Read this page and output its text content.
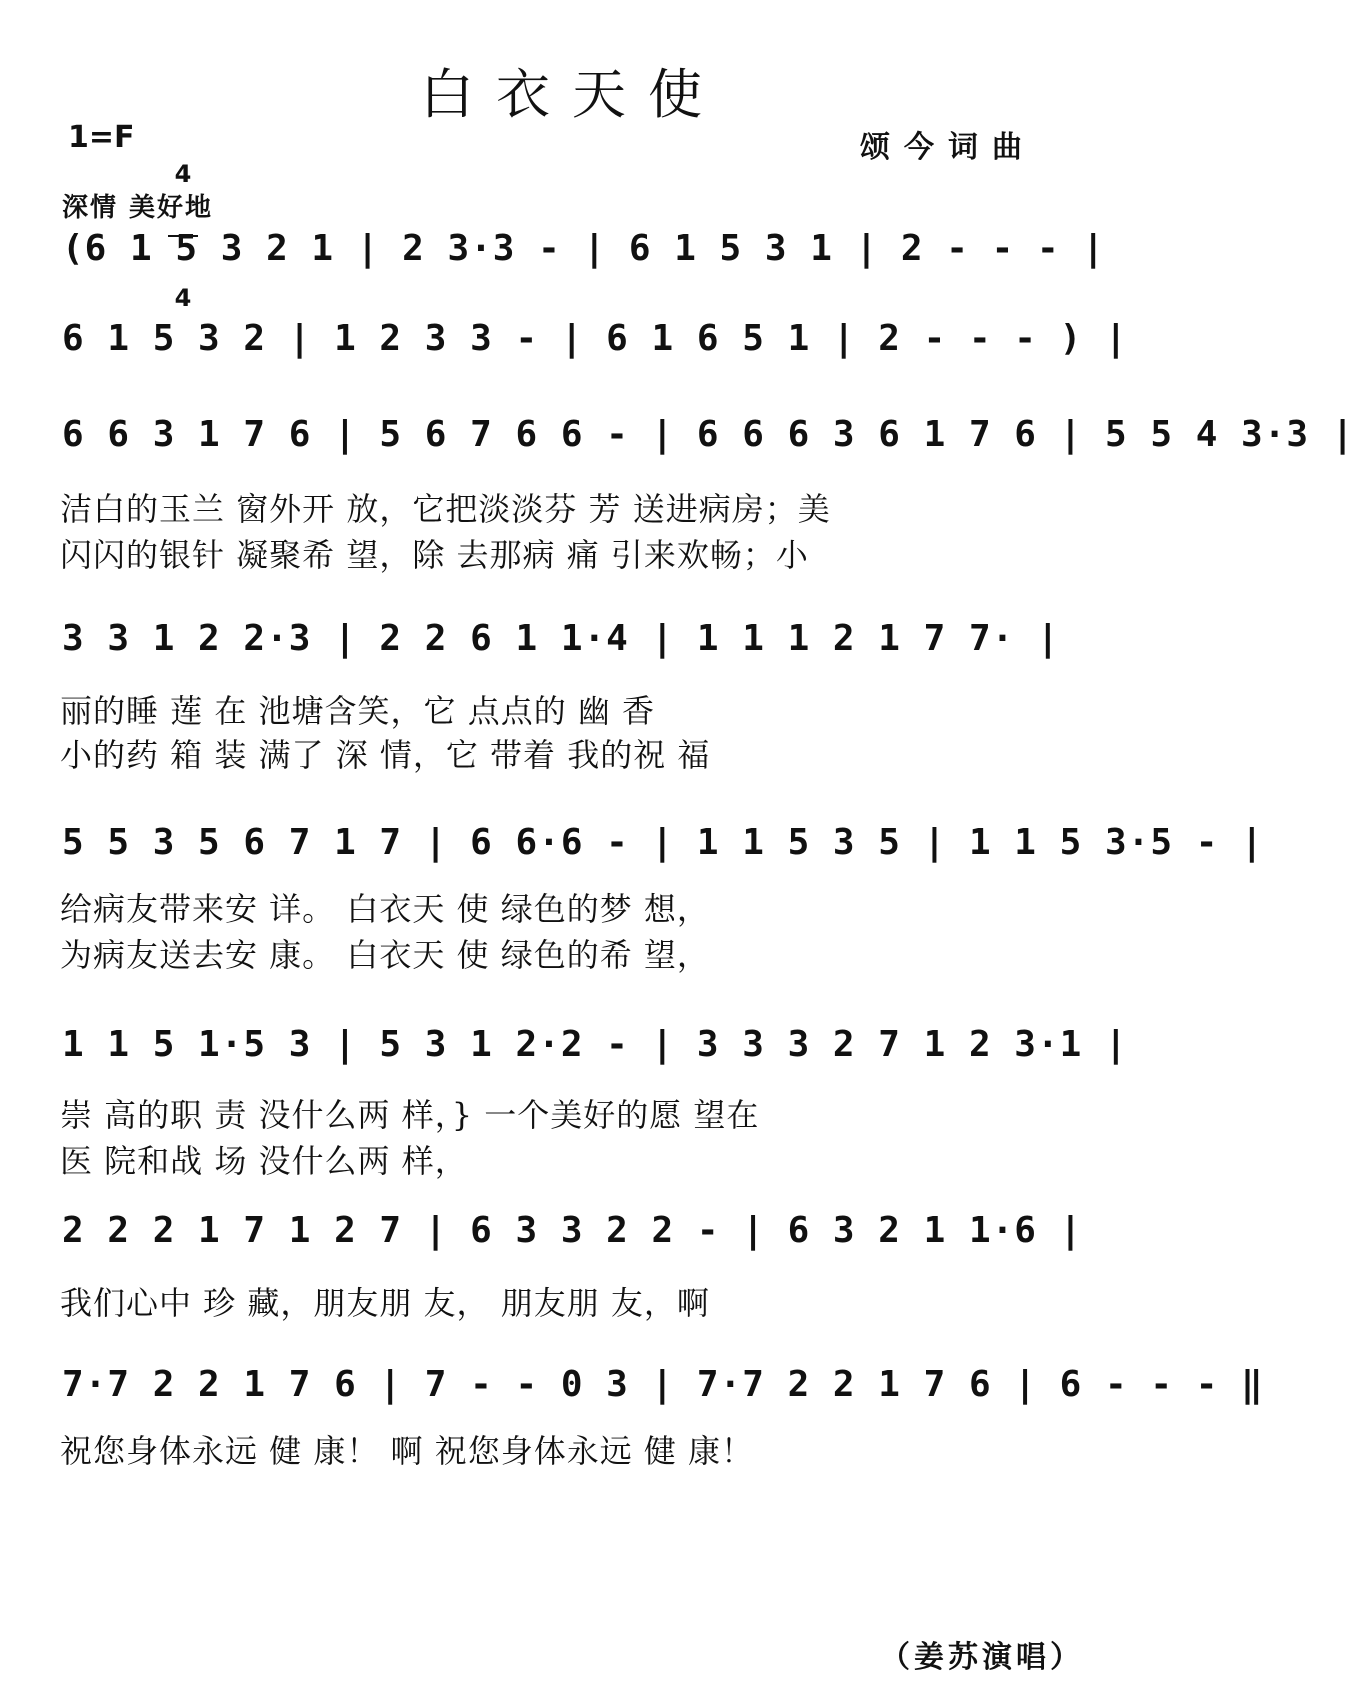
白衣天使
1=F

4

4

颂今词曲
深情 美好地
(6 1 5 3 2 1 | 2 3·3 - | 6 1 5 3 1 | 2 - - - |
6 1 5 3 2 | 1 2 3 3 - | 6 1 6 5 1 | 2 - - - ) |
6 6 3 1 7 6 | 5 6 7 6 6 - | 6 6 6 3 6 1 7 6 | 5 5 4 3·3 |
洁白的玉兰 窗外开 放，它把淡淡芬 芳 送进病房；美
闪闪的银针 凝聚希 望，除 去那病 痛 引来欢畅；小
3 3 1 2 2·3 | 2 2 6 1 1·4 | 1 1 1 2 1 7 7· |
丽的睡 莲 在 池塘含笑，它 点点的 幽 香
小的药 箱 装 满了 深 情，它 带着 我的祝 福
5 5 3 5 6 7 1 7 | 6 6·6 - | 1 1 5 3 5 | 1 1 5 3·5 - |
给病友带来安 详。 白衣天 使 绿色的梦 想，
为病友送去安 康。 白衣天 使 绿色的希 望，
1 1 5 1·5 3 | 5 3 1 2·2 - | 3 3 3 2 7 1 2 3·1 |
崇 高的职 责 没什么两 样，} 一个美好的愿 望在
医 院和战 场 没什么两 样，
2 2 2 1 7 1 2 7 | 6 3 3 2 2 - | 6 3 2 1 1·6 |
我们心中 珍 藏，朋友朋 友， 朋友朋 友，啊
7·7 2 2 1 7 6 | 7 - - 0 3 | 7·7 2 2 1 7 6 | 6 - - - ‖
祝您身体永远 健 康！ 啊 祝您身体永远 健 康！
（姜苏演唱）
